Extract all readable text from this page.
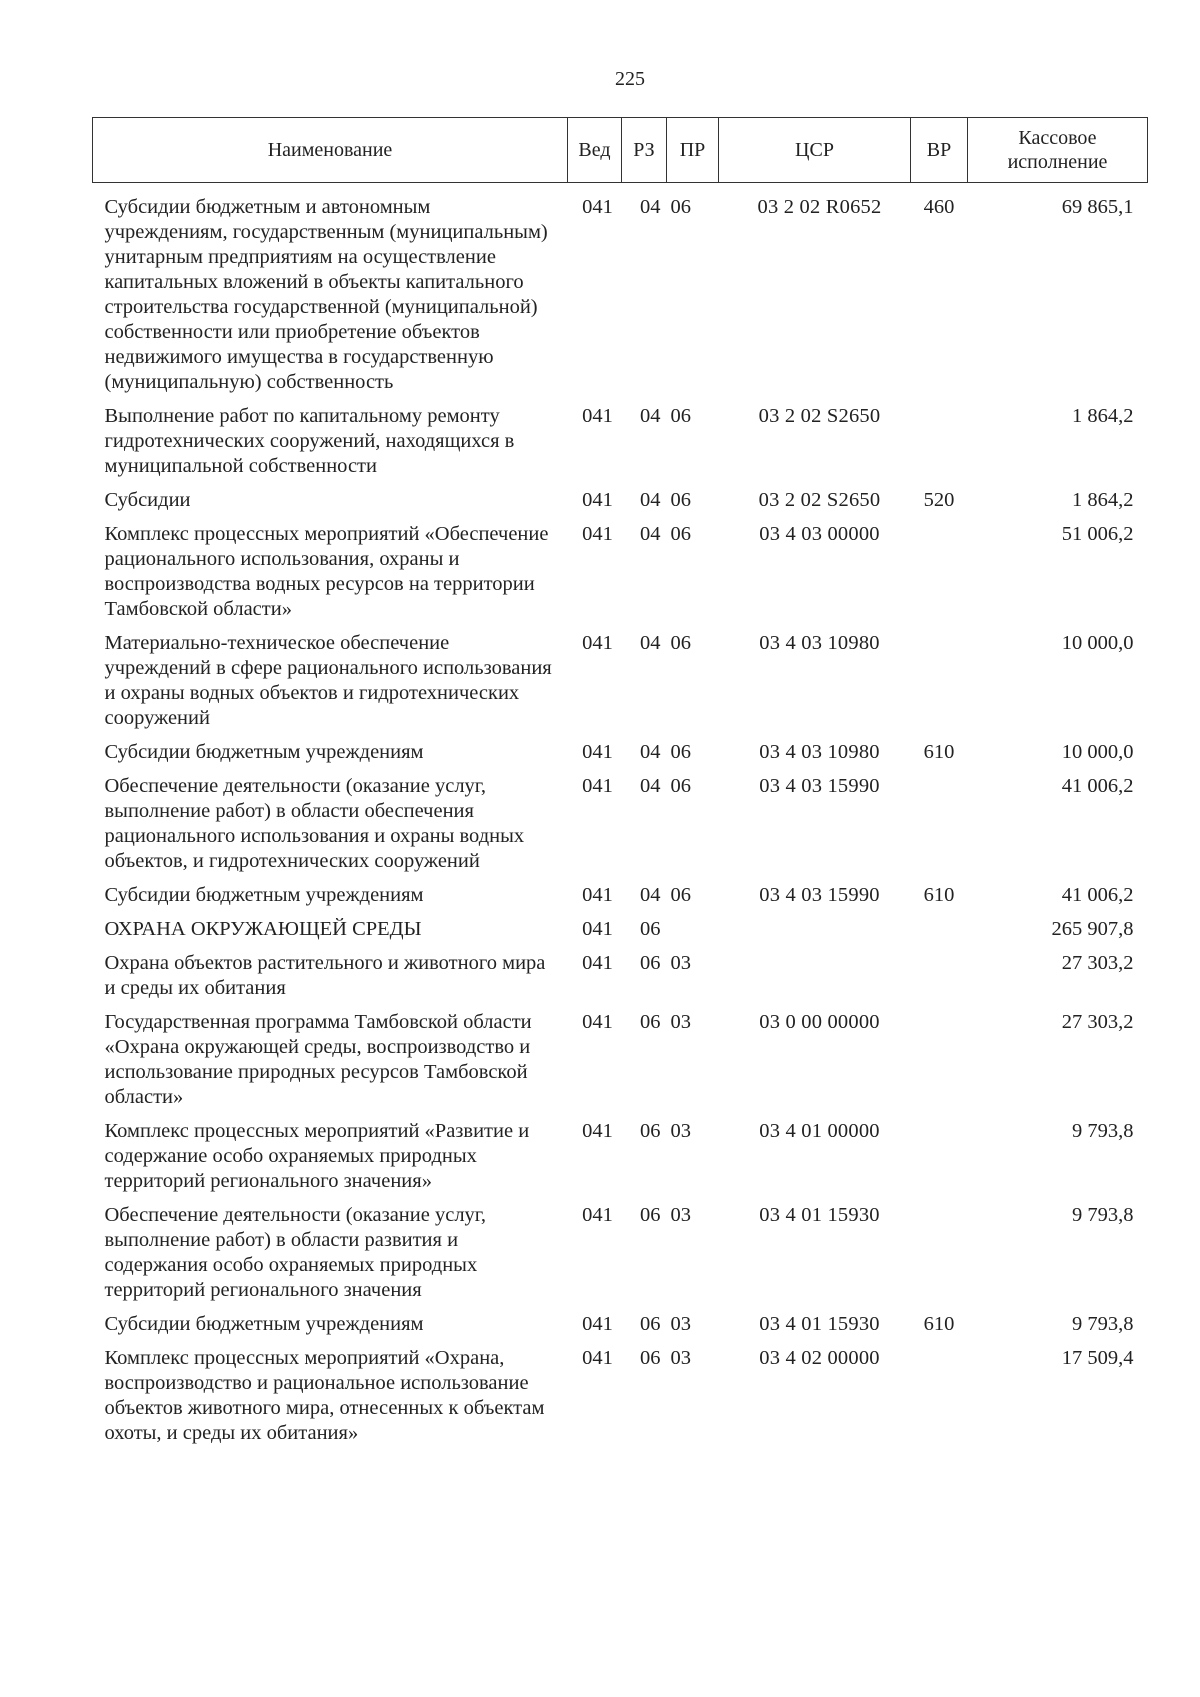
225
Наименование	Вед	РЗ	ПР	ЦСР	ВР	Кассовое исполнение
Субсидии бюджетным и автономным учреждениям, государственным (муниципальным) унитарным предприятиям на осуществление капитальных вложений в объекты капитального строительства государственной (муниципальной) собственности или приобретение объектов недвижимого имущества в государственную (муниципальную) собственность	041	04	06	03 2 02 R0652	460	69 865,1
Выполнение работ по капитальному ремонту гидротехнических сооружений, находящихся в муниципальной собственности	041	04	06	03 2 02 S2650		1 864,2
Субсидии	041	04	06	03 2 02 S2650	520	1 864,2
Комплекс процессных мероприятий «Обеспечение рационального использования, охраны и воспроизводства водных ресурсов на территории Тамбовской области»	041	04	06	03 4 03 00000		51 006,2
Материально-техническое обеспечение учреждений в сфере рационального использования и охраны водных объектов и гидротехнических сооружений	041	04	06	03 4 03 10980		10 000,0
Субсидии бюджетным учреждениям	041	04	06	03 4 03 10980	610	10 000,0
Обеспечение деятельности (оказание услуг, выполнение работ) в области обеспечения рационального использования и охраны водных объектов, и гидротехнических сооружений	041	04	06	03 4 03 15990		41 006,2
Субсидии бюджетным учреждениям	041	04	06	03 4 03 15990	610	41 006,2
ОХРАНА ОКРУЖАЮЩЕЙ СРЕДЫ	041	06				265 907,8
Охрана объектов растительного и животного мира и среды их обитания	041	06	03			27 303,2
Государственная программа Тамбовской области «Охрана окружающей среды, воспроизводство и использование природных ресурсов Тамбовской области»	041	06	03	03 0 00 00000		27 303,2
Комплекс процессных мероприятий «Развитие и содержание особо охраняемых природных территорий регионального значения»	041	06	03	03 4 01 00000		9 793,8
Обеспечение деятельности (оказание услуг, выполнение работ) в области развития и содержания особо охраняемых природных территорий регионального значения	041	06	03	03 4 01 15930		9 793,8
Субсидии бюджетным учреждениям	041	06	03	03 4 01 15930	610	9 793,8
Комплекс процессных мероприятий «Охрана, воспроизводство и рациональное использование объектов животного мира, отнесенных к объектам охоты, и среды их обитания»	041	06	03	03 4 02 00000		17 509,4
